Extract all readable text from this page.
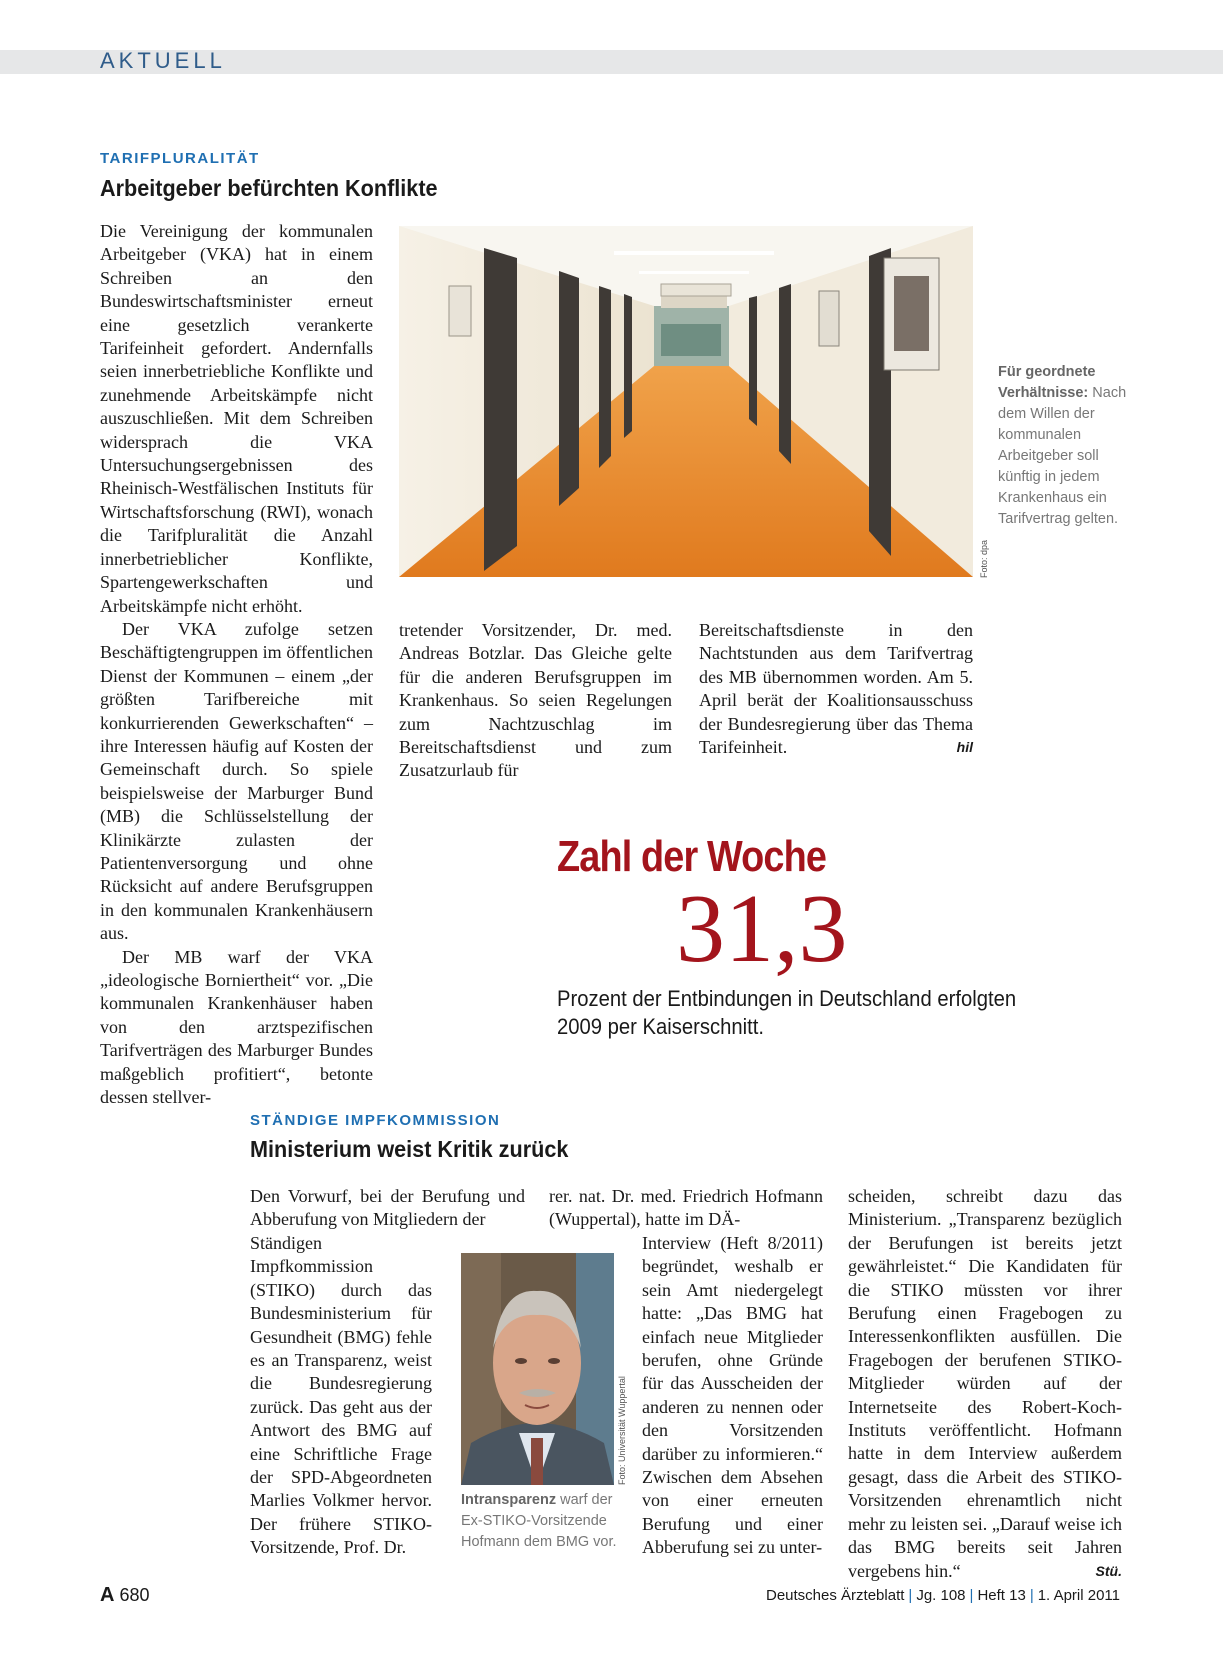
AKTUELL
TARIFPLURALITÄT
Arbeitgeber befürchten Konflikte

Die Vereinigung der kommunalen Arbeitgeber (VKA) hat in einem Schreiben an den Bundeswirtschaftsminister erneut eine gesetzlich verankerte Tarifeinheit gefordert. Andernfalls seien innerbetriebliche Konflikte und zunehmende Arbeitskämpfe nicht auszuschließen. Mit dem Schreiben widersprach die VKA Untersuchungsergebnissen des Rheinisch-Westfälischen Instituts für Wirtschaftsforschung (RWI), wonach die Tarifpluralität die Anzahl innerbetrieblicher Konflikte, Spartengewerkschaften und Arbeitskämpfe nicht erhöht.

Der VKA zufolge setzen Beschäftigtengruppen im öffentlichen Dienst der Kommunen – einem „der größten Tarifbereiche mit konkurrierenden Gewerkschaften“ – ihre Interessen häufig auf Kosten der Gemeinschaft durch. So spiele beispielsweise der Marburger Bund (MB) die Schlüsselstellung der Klinikärzte zulasten der Patientenversorgung und ohne Rücksicht auf andere Berufsgruppen in den kommunalen Krankenhäusern aus.

Der MB warf der VKA „ideologische Borniertheit“ vor. „Die kommunalen Krankenhäuser haben von den arztspezifischen Tarifverträgen des Marburger Bundes maßgeblich profitiert“, betonte dessen stellver-

Foto: dpa
Für geordnete Verhältnisse: Nach dem Willen der kommunalen Arbeitgeber soll künftig in jedem Krankenhaus ein Tarifvertrag gelten.

tretender Vorsitzender, Dr. med. Andreas Botzlar. Das Gleiche gelte für die anderen Berufsgruppen im Krankenhaus. So seien Regelungen zum Nachtzuschlag im Bereitschaftsdienst und zum Zusatzurlaub für

Bereitschaftsdienste in den Nachtstunden aus dem Tarifvertrag des MB übernommen worden. Am 5. April berät der Koalitionsausschuss der Bundesregierung über das Thema Tarifeinheit.	hil

Zahl der Woche
31,3
Prozent der Entbindungen in Deutschland erfolgten 2009 per Kaiserschnitt.
STÄNDIGE IMPFKOMMISSION
Ministerium weist Kritik zurück

Den Vorwurf, bei der Berufung und Abberufung von Mitgliedern der

Ständigen Impfkommission (STIKO) durch das Bundesministerium für Gesundheit (BMG) fehle es an Transparenz, weist die Bundesregierung zurück. Das geht aus der Antwort des BMG auf eine Schriftliche Frage der SPD-Abgeordneten Marlies Volkmer hervor. Der frühere STIKO-Vorsitzende, Prof. Dr.

rer. nat. Dr. med. Friedrich Hofmann (Wuppertal), hatte im DÄ-

Interview (Heft 8/2011) begründet, weshalb er sein Amt niedergelegt hatte: „Das BMG hat einfach neue Mitglieder berufen, ohne Gründe für das Ausscheiden der anderen zu nennen oder den Vorsitzenden darüber zu informieren.“ Zwischen dem Absehen von einer erneuten Berufung und einer Abberufung sei zu unter-

Foto: Universität Wuppertal
Intransparenz warf der Ex-STIKO-Vorsitzende Hofmann dem BMG vor.

scheiden, schreibt dazu das Ministerium. „Transparenz bezüglich der Berufungen ist bereits jetzt gewährleistet.“ Die Kandidaten für die STIKO müssten vor ihrer Berufung einen Fragebogen zu Interessenkonflikten ausfüllen. Die Fragebogen der berufenen STIKO-Mitglieder würden auf der Internetseite des Robert-Koch-Instituts veröffentlicht. Hofmann hatte in dem Interview außerdem gesagt, dass die Arbeit des STIKO-Vorsitzenden ehrenamtlich nicht mehr zu leisten sei. „Darauf weise ich das BMG bereits seit Jahren vergebens hin.“	Stü.

A 680	Deutsches Ärzteblatt | Jg. 108 | Heft 13 | 1. April 2011
